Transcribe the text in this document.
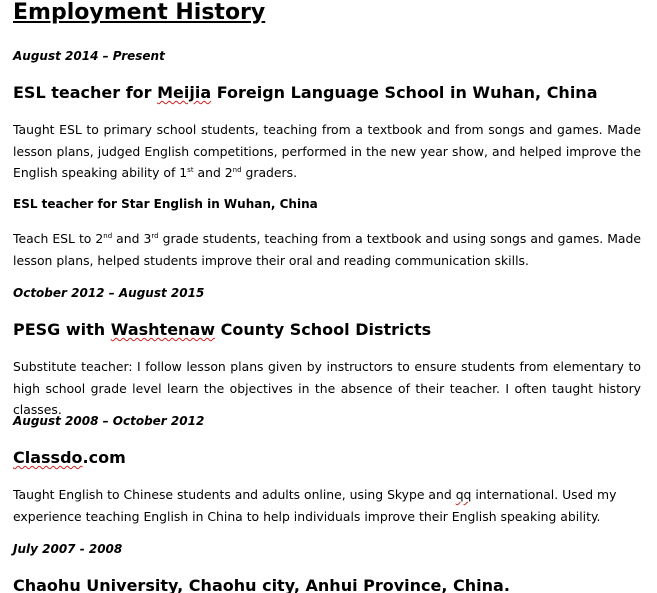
Employment History
August 2014 – Present
ESL teacher for Meijia Foreign Language School in Wuhan, China
Taught ESL to primary school students, teaching from a textbook and from songs and games. Made lesson plans, judged English competitions, performed in the new year show, and helped improve the English speaking ability of 1st and 2nd graders.
ESL teacher for Star English in Wuhan, China
Teach ESL to 2nd and 3rd grade students, teaching from a textbook and using songs and games. Made lesson plans, helped students improve their oral and reading communication skills.
October 2012 – August 2015
PESG with Washtenaw County School Districts
Substitute teacher: I follow lesson plans given by instructors to ensure students from elementary to high school grade level learn the objectives in the absence of their teacher. I often taught history classes.
August 2008 – October 2012
Classdo.com
Taught English to Chinese students and adults online, using Skype and qq international. Used my experience teaching English in China to help individuals improve their English speaking ability.
July 2007 - 2008
Chaohu University, Chaohu city, Anhui Province, China.
